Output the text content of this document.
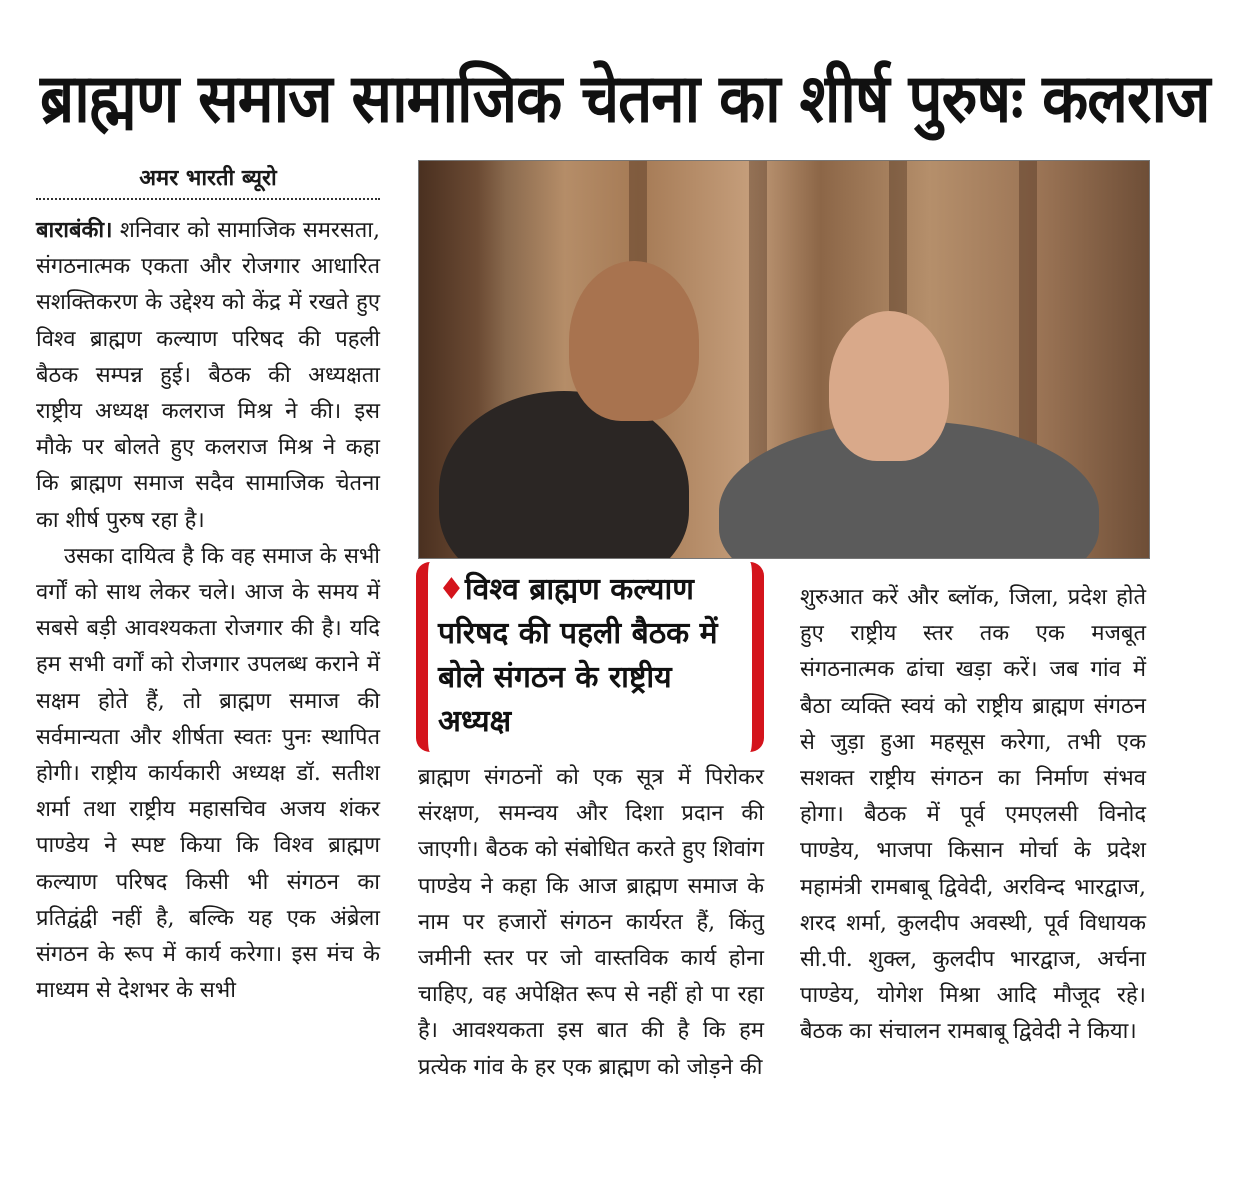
ब्राह्मण समाज सामाजिक चेतना का शीर्ष पुरुषः कलराज
अमर भारती ब्यूरो

बाराबंकी। शनिवार को सामाजिक समरसता, संगठनात्मक एकता और रोजगार आधारित सशक्तिकरण के उद्देश्य को केंद्र में रखते हुए विश्व ब्राह्मण कल्याण परिषद की पहली बैठक सम्पन्न हुई। बैठक की अध्यक्षता राष्ट्रीय अध्यक्ष कलराज मिश्र ने की। इस मौके पर बोलते हुए कलराज मिश्र ने कहा कि ब्राह्मण समाज सदैव सामाजिक चेतना का शीर्ष पुरुष रहा है।

उसका दायित्व है कि वह समाज के सभी वर्गों को साथ लेकर चले। आज के समय में सबसे बड़ी आवश्यकता रोजगार की है। यदि हम सभी वर्गों को रोजगार उपलब्ध कराने में सक्षम होते हैं, तो ब्राह्मण समाज की सर्वमान्यता और शीर्षता स्वतः पुनः स्थापित होगी। राष्ट्रीय कार्यकारी अध्यक्ष डॉ. सतीश शर्मा तथा राष्ट्रीय महासचिव अजय शंकर पाण्डेय ने स्पष्ट किया कि विश्व ब्राह्मण कल्याण परिषद किसी भी संगठन का प्रतिद्वंद्वी नहीं है, बल्कि यह एक अंब्रेला संगठन के रूप में कार्य करेगा। इस मंच के माध्यम से देशभर के सभी

♦विश्व ब्राह्मण कल्याण परिषद की पहली बैठक में बोले संगठन के राष्ट्रीय अध्यक्ष

ब्राह्मण संगठनों को एक सूत्र में पिरोकर संरक्षण, समन्वय और दिशा प्रदान की जाएगी। बैठक को संबोधित करते हुए शिवांग पाण्डेय ने कहा कि आज ब्राह्मण समाज के नाम पर हजारों संगठन कार्यरत हैं, किंतु जमीनी स्तर पर जो वास्तविक कार्य होना चाहिए, वह अपेक्षित रूप से नहीं हो पा रहा है। आवश्यकता इस बात की है कि हम प्रत्येक गांव के हर एक ब्राह्मण को जोड़ने की

शुरुआत करें और ब्लॉक, जिला, प्रदेश होते हुए राष्ट्रीय स्तर तक एक मजबूत संगठनात्मक ढांचा खड़ा करें। जब गांव में बैठा व्यक्ति स्वयं को राष्ट्रीय ब्राह्मण संगठन से जुड़ा हुआ महसूस करेगा, तभी एक सशक्त राष्ट्रीय संगठन का निर्माण संभव होगा। बैठक में पूर्व एमएलसी विनोद पाण्डेय, भाजपा किसान मोर्चा के प्रदेश महामंत्री रामबाबू द्विवेदी, अरविन्द भारद्वाज, शरद शर्मा, कुलदीप अवस्थी, पूर्व विधायक सी.पी. शुक्ल, कुलदीप भारद्वाज, अर्चना पाण्डेय, योगेश मिश्रा आदि मौजूद रहे। बैठक का संचालन रामबाबू द्विवेदी ने किया।
